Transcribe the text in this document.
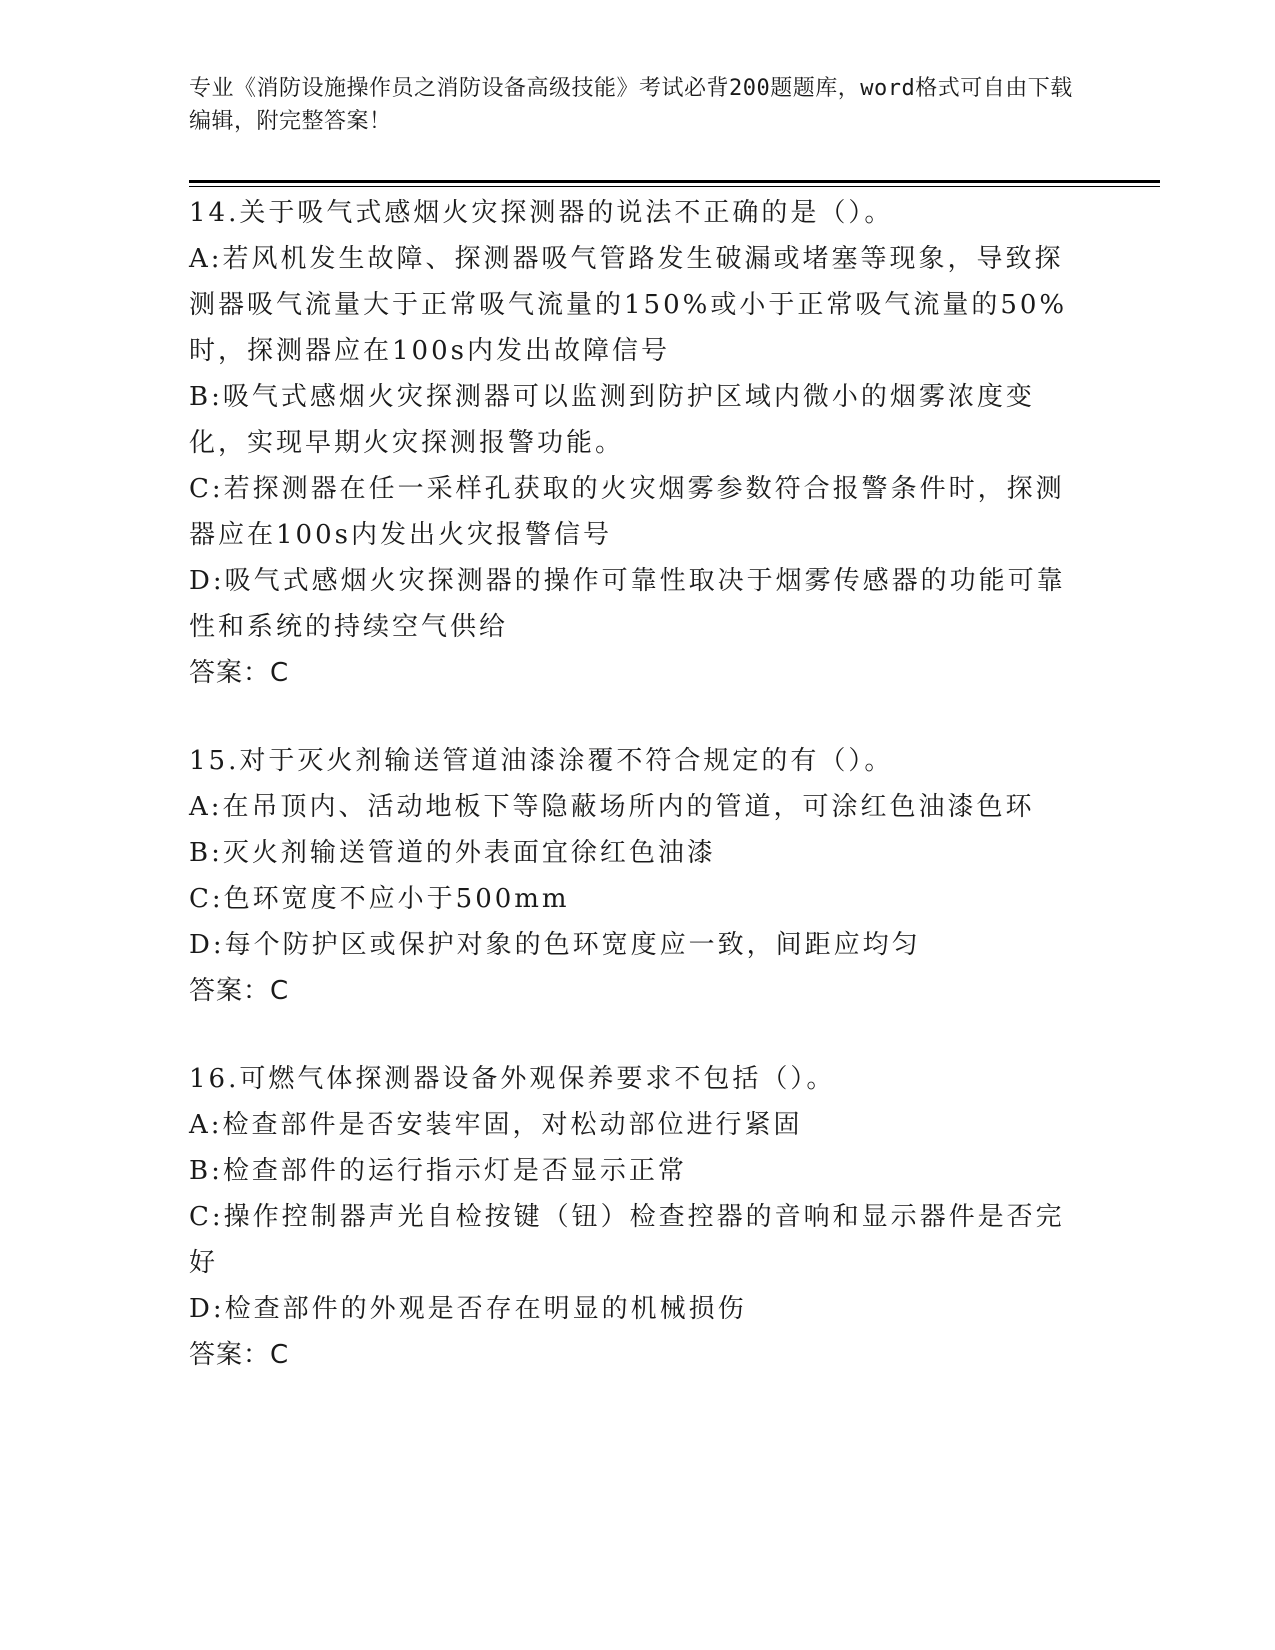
专业《消防设施操作员之消防设备高级技能》考试必背200题题库，word格式可自由下载编辑，附完整答案！
14.关于吸气式感烟火灾探测器的说法不正确的是（）。
A:若风机发生故障、探测器吸气管路发生破漏或堵塞等现象，导致探测器吸气流量大于正常吸气流量的150%或小于正常吸气流量的50%时，探测器应在100s内发出故障信号
B:吸气式感烟火灾探测器可以监测到防护区域内微小的烟雾浓度变化，实现早期火灾探测报警功能。
C:若探测器在任一采样孔获取的火灾烟雾参数符合报警条件时，探测器应在100s内发出火灾报警信号
D:吸气式感烟火灾探测器的操作可靠性取决于烟雾传感器的功能可靠性和系统的持续空气供给
答案：C
15.对于灭火剂输送管道油漆涂覆不符合规定的有（）。
A:在吊顶内、活动地板下等隐蔽场所内的管道，可涂红色油漆色环
B:灭火剂输送管道的外表面宜徐红色油漆
C:色环宽度不应小于500mm
D:每个防护区或保护对象的色环宽度应一致，间距应均匀
答案：C
16.可燃气体探测器设备外观保养要求不包括（）。
A:检查部件是否安装牢固，对松动部位进行紧固
B:检查部件的运行指示灯是否显示正常
C:操作控制器声光自检按键（钮）检查控器的音响和显示器件是否完好
D:检查部件的外观是否存在明显的机械损伤
答案：C
